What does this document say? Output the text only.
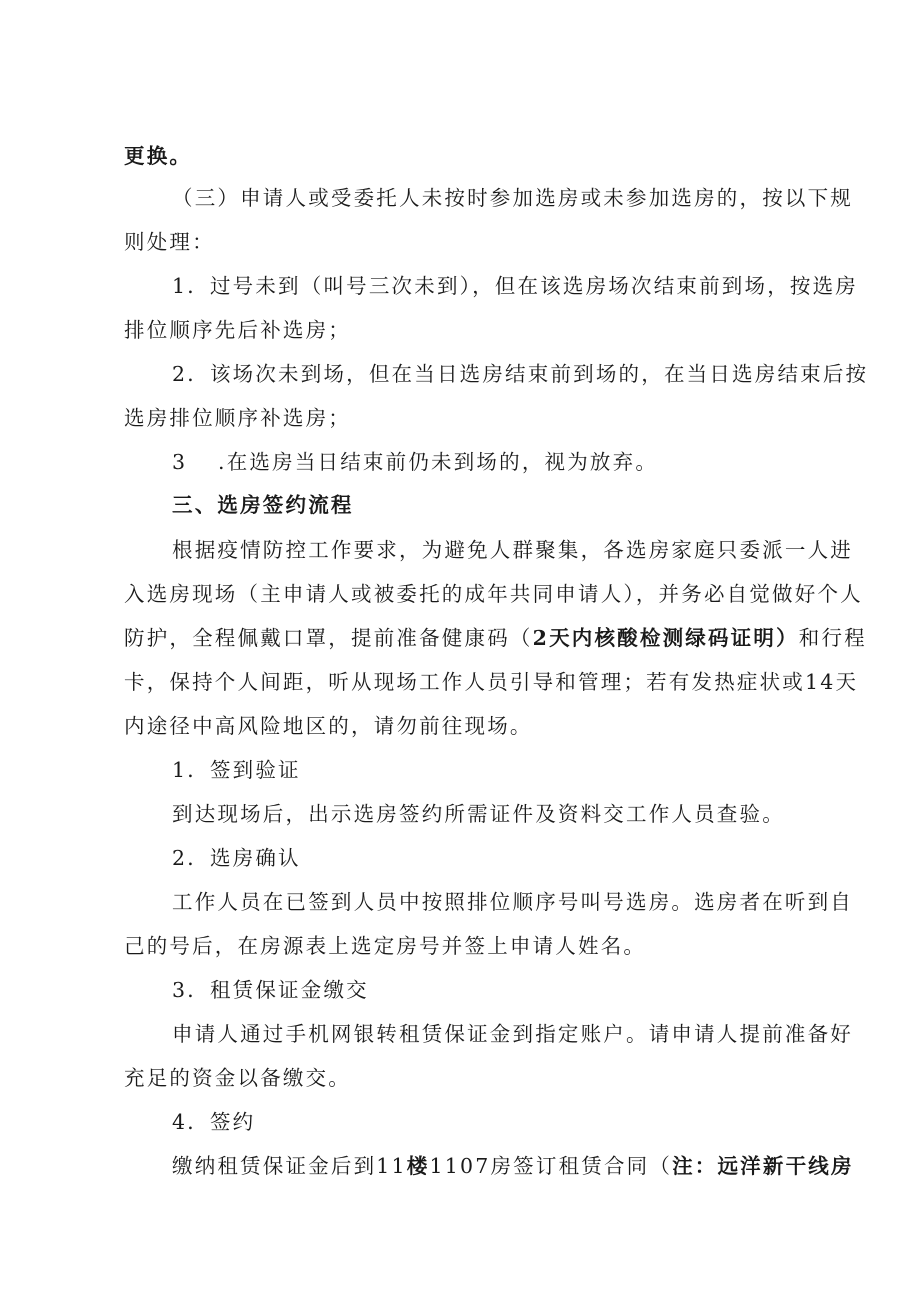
更换。
（三）申请人或受委托人未按时参加选房或未参加选房的，按以下规
则处理：
1．过号未到（叫号三次未到），但在该选房场次结束前到场，按选房
排位顺序先后补选房；
2．该场次未到场，但在当日选房结束前到场的，在当日选房结束后按
选房排位顺序补选房；
3 .在选房当日结束前仍未到场的，视为放弃。
三、选房签约流程
根据疫情防控工作要求，为避免人群聚集，各选房家庭只委派一人进
入选房现场（主申请人或被委托的成年共同申请人），并务必自觉做好个人
防护，全程佩戴口罩，提前准备健康码（2天内核酸检测绿码证明）和行程
卡，保持个人间距，听从现场工作人员引导和管理；若有发热症状或14天
内途径中高风险地区的，请勿前往现场。
1．签到验证
到达现场后，出示选房签约所需证件及资料交工作人员查验。
2．选房确认
工作人员在已签到人员中按照排位顺序号叫号选房。选房者在听到自
己的号后，在房源表上选定房号并签上申请人姓名。
3．租赁保证金缴交
申请人通过手机网银转租赁保证金到指定账户。请申请人提前准备好
充足的资金以备缴交。
4．签约
缴纳租赁保证金后到11楼1107房签订租赁合同（注：远洋新干线房
